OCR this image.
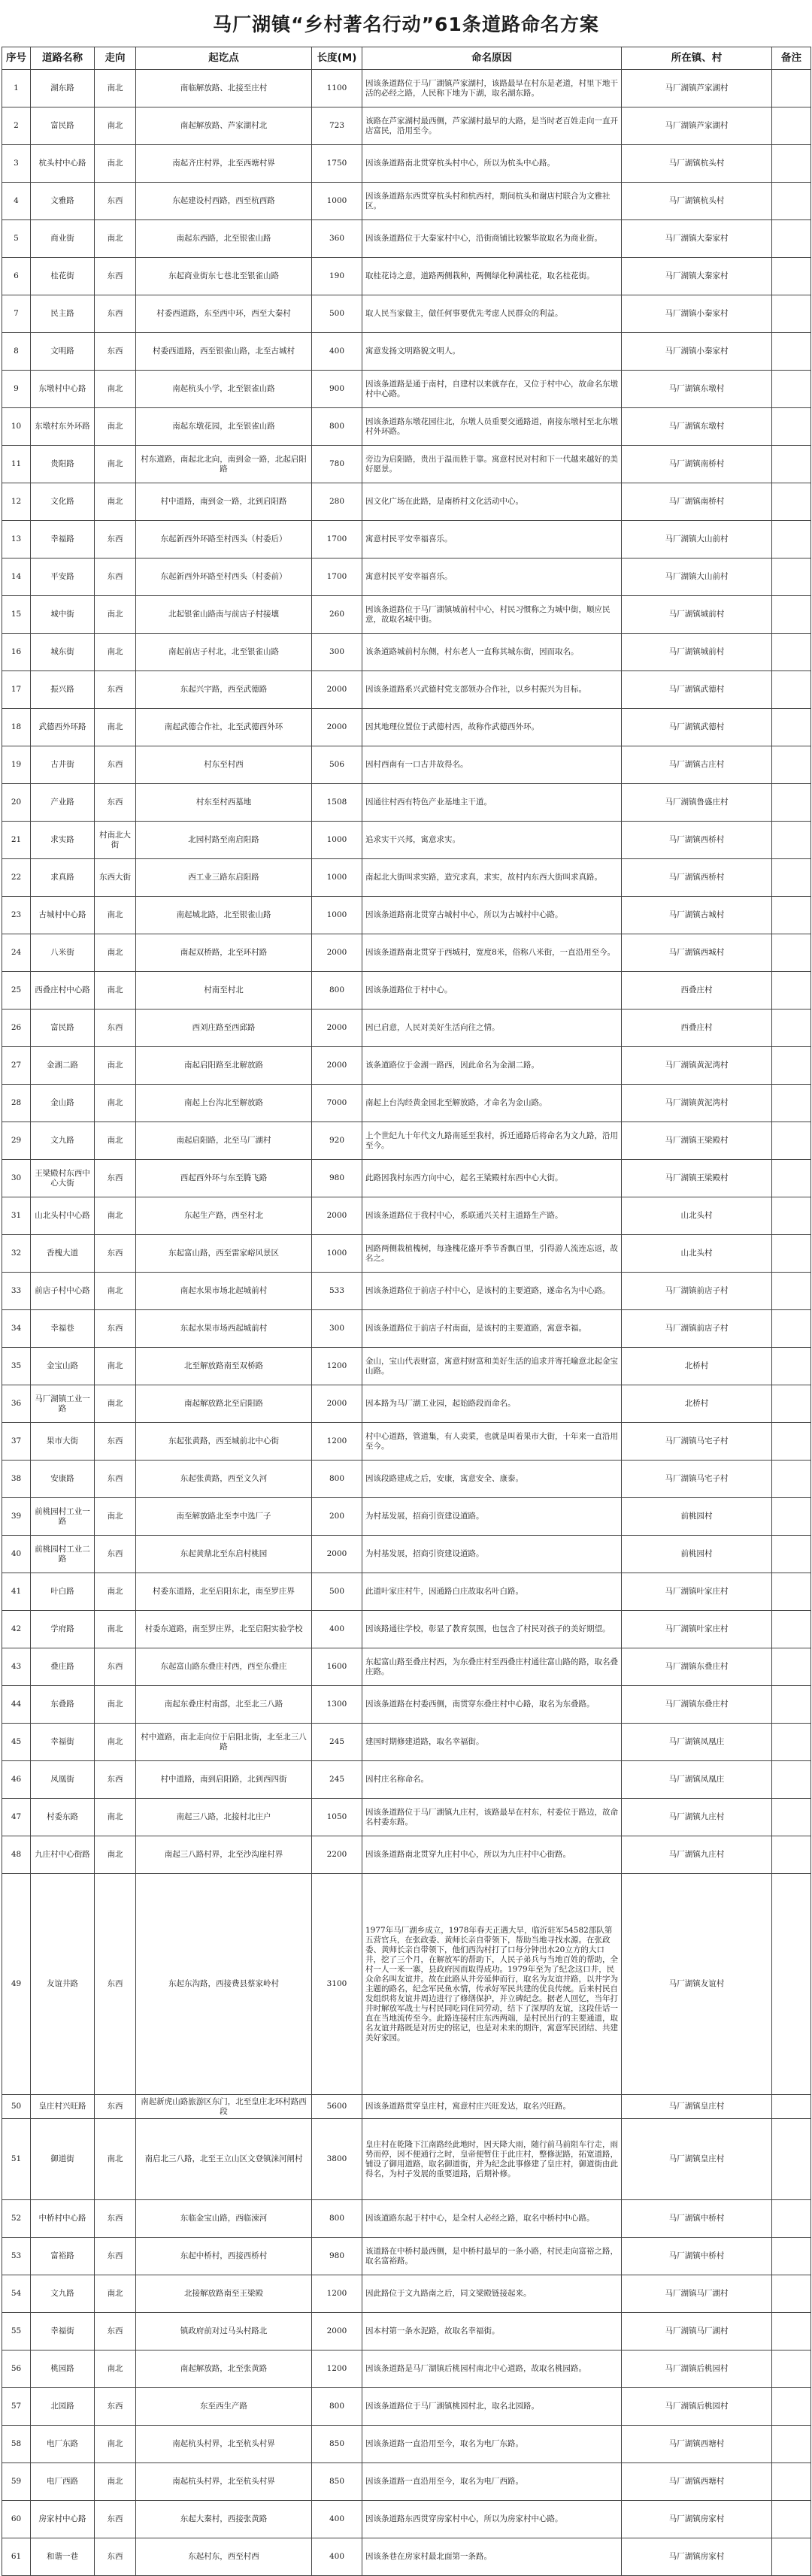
马厂湖镇“乡村著名行动”61条道路命名方案
序号	道路名称	走向	起讫点	长度(M)	命名原因	所在镇、村	备注
1	湖东路	南北	南临解放路、北接至庄村	1100	因该条道路位于马厂湖镇芦家湖村，该路最早在村东是老道，村里下地干活的必经之路，人民称下地为下湖，取名湖东路。	马厂湖镇芦家湖村	
2	富民路	南北	南起解放路、芦家湖村北	723	该路在芦家湖村最西侧，芦家湖村最早的大路，是当时老百姓走向一直开店富民，沿用至今。	马厂湖镇芦家湖村	
3	杭头村中心路	南北	南起齐庄村界，北至西塘村界	1750	因该条道路南北贯穿杭头村中心，所以为杭头中心路。	马厂湖镇杭头村	
4	文雅路	东西	东起建设村西路，西至杭西路	1000	因该条道路东西贯穿杭头村和杭西村，期间杭头和谢店村联合为文雅社区。	马厂湖镇杭头村	
5	商业街	南北	南起东西路，北至银雀山路	360	因该条道路位于大秦家村中心，沿街商铺比较繁华故取名为商业街。	马厂湖镇大秦家村	
6	桂花街	东西	东起商业街东七巷北至银雀山路	190	取桂花诗之意，道路两侧栽种，两侧绿化种满桂花，取名桂花街。	马厂湖镇大秦家村	
7	民主路	东西	村委西道路，东至西中环，西至大秦村	500	取人民当家做主，做任何事要优先考虑人民群众的利益。	马厂湖镇小秦家村	
8	文明路	东西	村委西道路，西至银雀山路，北至古城村	400	寓意发扬文明路貌文明人。	马厂湖镇小秦家村	
9	东墩村中心路	南北	南起杭头小学，北至银雀山路	900	因该条道路是通于南村，自建村以来就存在，又位于村中心，故命名东墩村中心路。	马厂湖镇东墩村	
10	东墩村东外环路	南北	南起东墩花园，北至银雀山路	800	因该条道路东墩花园往北，东墩人员重要交通路道，南接东墩村至北东墩村外环路。	马厂湖镇东墩村	
11	贵阳路	南北	村东道路，南起北北向，南到金一路，北起启阳路	780	旁边为启阳路，贵出于温而胜于靠。寓意村民对村和下一代越来越好的美好愿景。	马厂湖镇南桥村	
12	文化路	南北	村中道路，南到金一路，北到启阳路	280	因文化广场在此路，是南桥村文化活动中心。	马厂湖镇南桥村	
13	幸福路	东西	东起新西外环路至村西头（村委后）	1700	寓意村民平安幸福喜乐。	马厂湖镇大山前村	
14	平安路	东西	东起新西外环路至村西头（村委前）	1700	寓意村民平安幸福喜乐。	马厂湖镇大山前村	
15	城中街	南北	北起银雀山路南与前店子村接壤	260	因该条道路位于马厂湖镇城前村中心，村民习惯称之为城中街，顺应民意，故取名城中街。	马厂湖镇城前村	
16	城东街	南北	南起前店子村北，北至银雀山路	300	该条道路城前村东侧，村东老人一直称其城东街，因而取名。	马厂湖镇城前村	
17	振兴路	东西	东起兴宇路，西至武德路	2000	因该条道路系兴武德村党支部领办合作社，以乡村振兴为目标。	马厂湖镇武德村	
18	武德西外环路	南北	南起武德合作社，北至武德西外环	2000	因其地理位置位于武德村西，故称作武德西外环。	马厂湖镇武德村	
19	古井街	东西	村东至村西	506	因村西南有一口古井故得名。	马厂湖镇古庄村	
20	产业路	东西	村东至村西墓地	1508	因通往村西有特色产业基地主干道。	马厂湖镇鲁盛庄村	
21	求实路	村南北大街	北园村路至南启阳路	1000	追求实干兴邦，寓意求实。	马厂湖镇西桥村	
22	求真路	东西大街	西工业三路东启阳路	1000	南起北大街叫求实路，造究求真，求实，故村内东西大街叫求真路。	马厂湖镇西桥村	
23	古城村中心路	南北	南起城北路，北至银雀山路	1000	因该条道路南北贯穿古城村中心，所以为古城村中心路。	马厂湖镇古城村	
24	八米街	南北	南起双桥路，北至环村路	2000	因该条道路南北贯穿于西城村，宽度8米，俗称八米街，一直沿用至今。	马厂湖镇西城村	
25	西叠庄村中心路	南北	村南至村北	800	因该条道路位于村中心。	西叠庄村	
26	富民路	东西	西刘庄路至西邱路	2000	因已启意，人民对美好生活向往之情。	西叠庄村	
27	金湖二路	南北	南起启阳路至北解放路	2000	该条道路位于金湖一路西，因此命名为金湖二路。	马厂湖镇黄泥湾村	
28	金山路	南北	南起上台沟北至解放路	7000	南起上台沟经黄金园北至解放路，才命名为金山路。	马厂湖镇黄泥湾村	
29	文九路	南北	南起启阳路，北至马厂湖村	920	上个世纪九十年代文九路南延至我村，拆迁通路后将命名为文九路，沿用至今。	马厂湖镇王梁殿村	
30	王梁殿村东西中心大街	东西	西起西外环与东至腾飞路	980	此路因我村东西方向中心，起名王梁殿村东西中心大街。	马厂湖镇王梁殿村	
31	山北头村中心路	南北	东起生产路，西至村北	2000	因该条道路位于我村中心，系联通兴关村主道路生产路。	山北头村	
32	香槐大道	东西	东起富山路，西至雷家峪风景区	1000	因路两侧栽植槐树，每逢槐花盛开季节香飘百里，引得游人流连忘返，故名之。	山北头村	
33	前店子村中心路	南北	南起水果市场北起城前村	533	因该条道路位于前店子村中心，是该村的主要道路，遂命名为中心路。	马厂湖镇前店子村	
34	幸福巷	东西	东起水果市场西起城前村	300	因该条道路位于前店子村南面，是该村的主要道路，寓意幸福。	马厂湖镇前店子村	
35	金宝山路	南北	北至解放路南至双桥路	1200	金山，宝山代表财富，寓意村财富和美好生活的追求并寄托喻意北起金宝山路。	北桥村	
36	马厂湖镇工业一路	南北	南起解放路北至启阳路	2000	因本路为马厂湖工业园，起始路段而命名。	北桥村	
37	果市大街	东西	东起张黄路，西至城前北中心街	1200	村中心道路，管道集，有人卖菜，也就是叫着果市大街，十年来一直沿用至今。	马厂湖镇马宅子村	
38	安康路	东西	东起张黄路，西至文久河	800	因该段路建成之后，安康，寓意安全、康泰。	马厂湖镇马宅子村	
39	前桃园村工业一路	南北	南至解放路北至李中选厂子	200	为村基发展，招商引资建设道路。	前桃园村	
40	前桃园村工业二路	东西	东起黄鼎北至东启村桃园	2000	为村基发展，招商引资建设道路。	前桃园村	
41	叶白路	南北	村委东道路，北至启阳东北，南至罗庄界	500	此道叶家庄村牛，因通路白庄故取名叶白路。	马厂湖镇叶家庄村	
42	学府路	南北	村委东道路，南至罗庄界，北至启阳实验学校	400	因该路通往学校，彰显了教育氛围，也包含了村民对孩子的美好期望。	马厂湖镇叶家庄村	
43	叠庄路	东西	东起富山路东叠庄村西，西至东叠庄	1600	东起富山路至叠庄村西，为东叠庄村至西叠庄村通往富山路的路，取名叠庄路。	马厂湖镇东叠庄村	
44	东叠路	南北	南起东叠庄村南部，北至北三八路	1300	因该条道路在村委西侧，南贯穿东叠庄村中心路，取名为东叠路。	马厂湖镇东叠庄村	
45	幸福街	南北	村中道路，南北走向位于启阳北街，北至北三八路	245	建国时期修建道路，取名幸福街。	马厂湖镇凤凰庄	
46	凤凰街	东西	村中道路，南到启阳路，北到西四街	245	因村庄名称命名。	马厂湖镇凤凰庄	
47	村委东路	南北	南起三八路，北接村北庄户	1050	因该条道路位于马厂湖镇九庄村，该路最早在村东，村委位于路边，故命名村委东路。	马厂湖镇九庄村	
48	九庄村中心街路	南北	南起三八路村界，北至沙沟崖村界	2200	因该条道路南北贯穿九庄村中心，所以为九庄村中心街路。	马厂湖镇九庄村	
49	友谊井路	东西	东起东沟路，西接费县蔡家岭村	3100	1977年马厂湖乡成立，1978年春天正遇大旱，临沂驻军54582部队第五营官兵，在张政委、黄师长亲自带领下，帮助当地寻找水源。在张政委、黄师长亲自带领下，他们西沟村打了口每分钟出水20立方的大口井，挖了三个月，在解放军的帮助下，人民子弟兵与当地百姓的帮助，全村一人一米一寨，县政府因而取得成功。1979年至为了纪念这口井，民众命名叫友谊井。故在此路从井旁延伸而行，取名为友谊井路，以井字为主题的路名，纪念军民鱼水情，传承好军民共建的优良传统。后来村民自发组织将友谊井周边进行了修缮保护，并立碑纪念。据老人回忆，当年打井时解放军战士与村民同吃同住同劳动，结下了深厚的友谊，这段佳话一直在当地流传至今。此路连接村庄东西两端，是村民出行的主要通道，取名友谊井路既是对历史的铭记，也是对未来的期许，寓意军民团结、共建美好家园。	马厂湖镇友谊村	
50	皇庄村兴旺路	东西	南起新虎山路旅游区东门，北至皇庄北环村路西段	5600	因该条道路贯穿皇庄村，寓意村庄兴旺发达，取名兴旺路。	马厂湖镇皇庄村	
51	御道街	南北	南启北三八路，北至王立山区文登镇涞河闸村	3800	皇庄村在乾隆下江南路经此地时，因天降大雨，随行前马前阻车行走，雨势而停，因不便通行之时，皇帝便暂住于此庄村，整修泥路，拓宽道路，铺设了御用道路，取名御道街，并为纪念此事修建了皇庄村，御道街由此得名，为村子发展的重要道路，后期补修。	马厂湖镇皇庄村	
52	中桥村中心路	东西	东临金宝山路，西临涑河	800	因该道路东起于村中心，是全村人必经之路，取名中桥村中心路。	马厂湖镇中桥村	
53	富裕路	东西	东起中桥村，西接西桥村	980	该道路在中桥村最西侧，是中桥村最早的一条小路，村民走向富裕之路，取名富裕路。	马厂湖镇中桥村	
54	文九路	南北	北接解放路南至王梁殿	1200	因此路位于文九路南之后，同文梁殿链接起来。	马厂湖镇马厂湖村	
55	幸福街	东西	镇政府前对过马头村路北	2000	因本村第一条水泥路，故取名幸福街。	马厂湖镇马厂湖村	
56	桃园路	南北	南起解放路，北至张黄路	1200	因该条道路是马厂湖镇后桃园村南北中心道路，故取名桃园路。	马厂湖镇后桃园村	
57	北园路	东西	东至西生产路	800	因该条道路位于马厂湖镇桃园村北，取名北园路。	马厂湖镇后桃园村	
58	电厂东路	南北	南起杭头村界，北至杭头村界	850	因该条道路一直沿用至今，取名为电厂东路。	马厂湖镇西塘村	
59	电厂西路	南北	南起杭头村界，北至杭头村界	850	因该条道路一直沿用至今，取名为电厂西路。	马厂湖镇西塘村	
60	房家村中心路	东西	东起大秦村，西接张黄路	400	因该条道路东西贯穿房家村中心，所以为房家村中心路。	马厂湖镇房家村	
61	和谐一巷	东西	东起村东，西至村西	400	因该条巷在房家村最北面第一条路。	马厂湖镇房家村	
